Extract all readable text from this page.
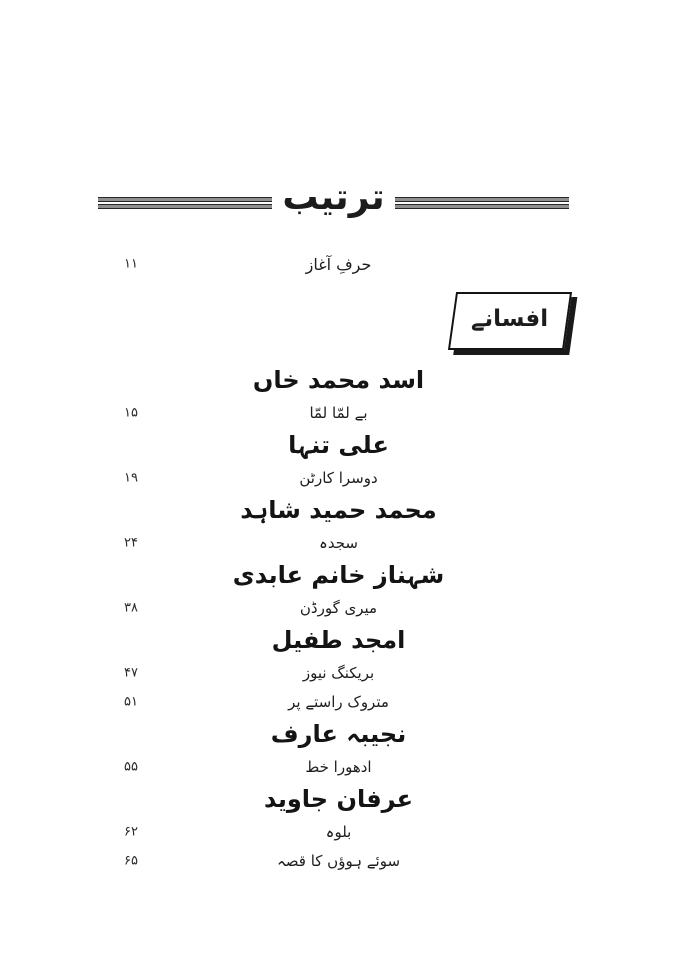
ترتیب
حرفِ آغاز
۱۱
افسانے
اسد محمد خاں
بے لمّا لمّا
۱۵
علی تنہا
دوسرا کارٹن
۱۹
محمد حمید شاہد
سجدہ
۲۴
شہناز خانم عابدی
میری گورڈن
۳۸
امجد طفیل
بریکنگ نیوز
۴۷
متروک راستے پر
۵۱
نجیبہ عارف
ادھورا خط
۵۵
عرفان جاوید
بلوہ
۶۲
سوئے ہوؤں کا قصہ
۶۵
